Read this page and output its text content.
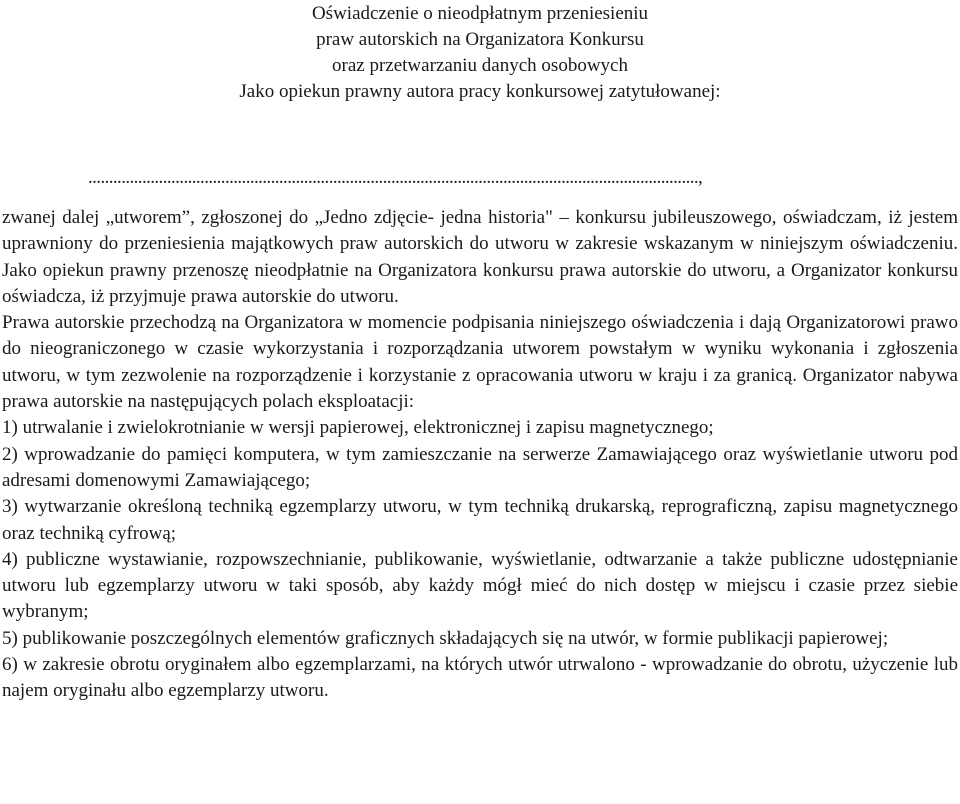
Oświadczenie o nieodpłatnym przeniesieniu
praw autorskich na Organizatora Konkursu
oraz przetwarzaniu danych osobowych
Jako opiekun prawny autora pracy konkursowej zatytułowanej:
...................................................................................................................................................,

zwanej dalej „utworem”, zgłoszonej do „Jedno zdjęcie- jedna historia" – konkursu jubileuszowego, oświadczam, iż jestem uprawniony do przeniesienia majątkowych praw autorskich do utworu w zakresie wskazanym w niniejszym oświadczeniu. Jako opiekun prawny przenoszę nieodpłatnie na Organizatora konkursu prawa autorskie do utworu, a Organizator konkursu oświadcza, iż przyjmuje prawa autorskie do utworu.

Prawa autorskie przechodzą na Organizatora w momencie podpisania niniejszego oświadczenia i dają Organizatorowi prawo do nieograniczonego w czasie wykorzystania i rozporządzania utworem powstałym w wyniku wykonania i zgłoszenia utworu, w tym zezwolenie na rozporządzenie i korzystanie z opracowania utworu w kraju i za granicą. Organizator nabywa prawa autorskie na następujących polach eksploatacji:

1) utrwalanie i zwielokrotnianie w wersji papierowej, elektronicznej i zapisu magnetycznego;

2) wprowadzanie do pamięci komputera, w tym zamieszczanie na serwerze Zamawiającego oraz wyświetlanie utworu pod adresami domenowymi Zamawiającego;

3) wytwarzanie określoną techniką egzemplarzy utworu, w tym techniką drukarską, reprograficzną, zapisu magnetycznego oraz techniką cyfrową;

4) publiczne wystawianie, rozpowszechnianie, publikowanie, wyświetlanie, odtwarzanie a także publiczne udostępnianie utworu lub egzemplarzy utworu w taki sposób, aby każdy mógł mieć do nich dostęp w miejscu i czasie przez siebie wybranym;

5) publikowanie poszczególnych elementów graficznych składających się na utwór, w formie publikacji papierowej;

6) w zakresie obrotu oryginałem albo egzemplarzami, na których utwór utrwalono - wprowadzanie do obrotu, użyczenie lub najem oryginału albo egzemplarzy utworu.
